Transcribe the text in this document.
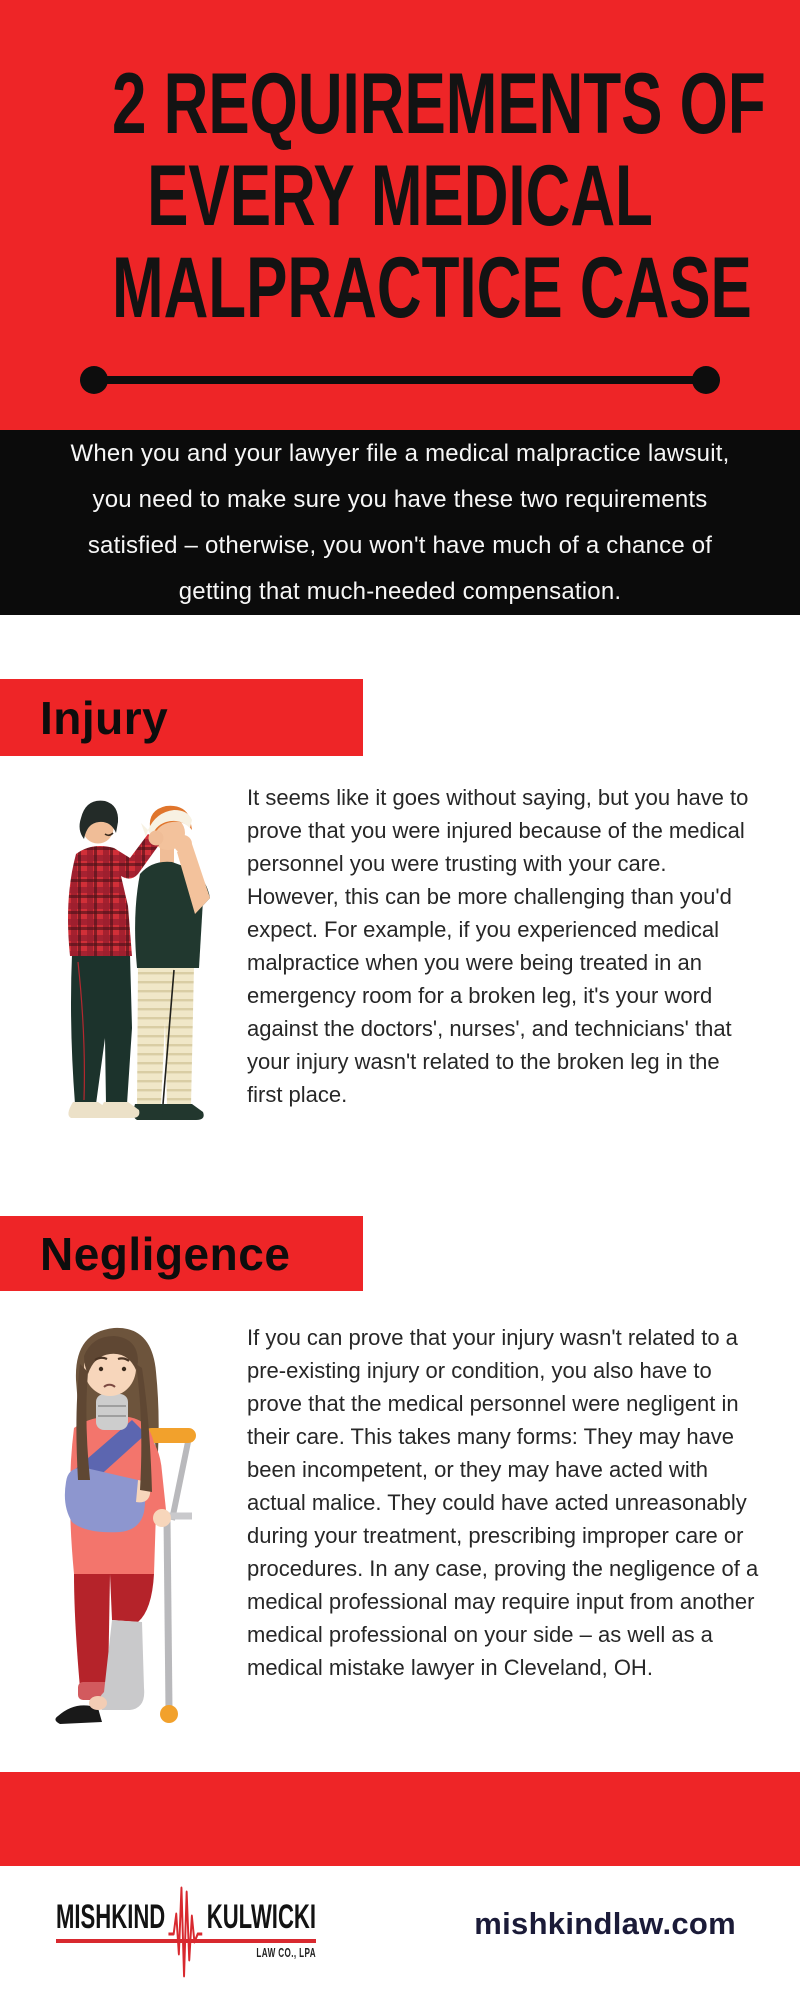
2 REQUIREMENTS OF
EVERY MEDICAL
MALPRACTICE CASE

When you and your lawyer file a medical malpractice lawsuit, you need to make sure you have these two requirements satisfied – otherwise, you won't have much of a chance of getting that much-needed compensation.

Injury

It seems like it goes without saying, but you have to prove that you were injured because of the medical personnel you were trusting with your care. However, this can be more challenging than you'd expect. For example, if you experienced medical malpractice when you were being treated in an emergency room for a broken leg, it's your word against the doctors', nurses', and technicians' that your injury wasn't related to the broken leg in the first place.

Negligence

If you can prove that your injury wasn't related to a pre-existing injury or condition, you also have to prove that the medical personnel were negligent in their care. This takes many forms: They may have been incompetent, or they may have acted with actual malice. They could have acted unreasonably during your treatment, prescribing improper care or procedures. In any case, proving the negligence of a medical professional may require input from another medical professional on your side – as well as a medical mistake lawyer in Cleveland, OH.

MISHKIND KULWICKI
LAW CO., LPA
mishkindlaw.com
